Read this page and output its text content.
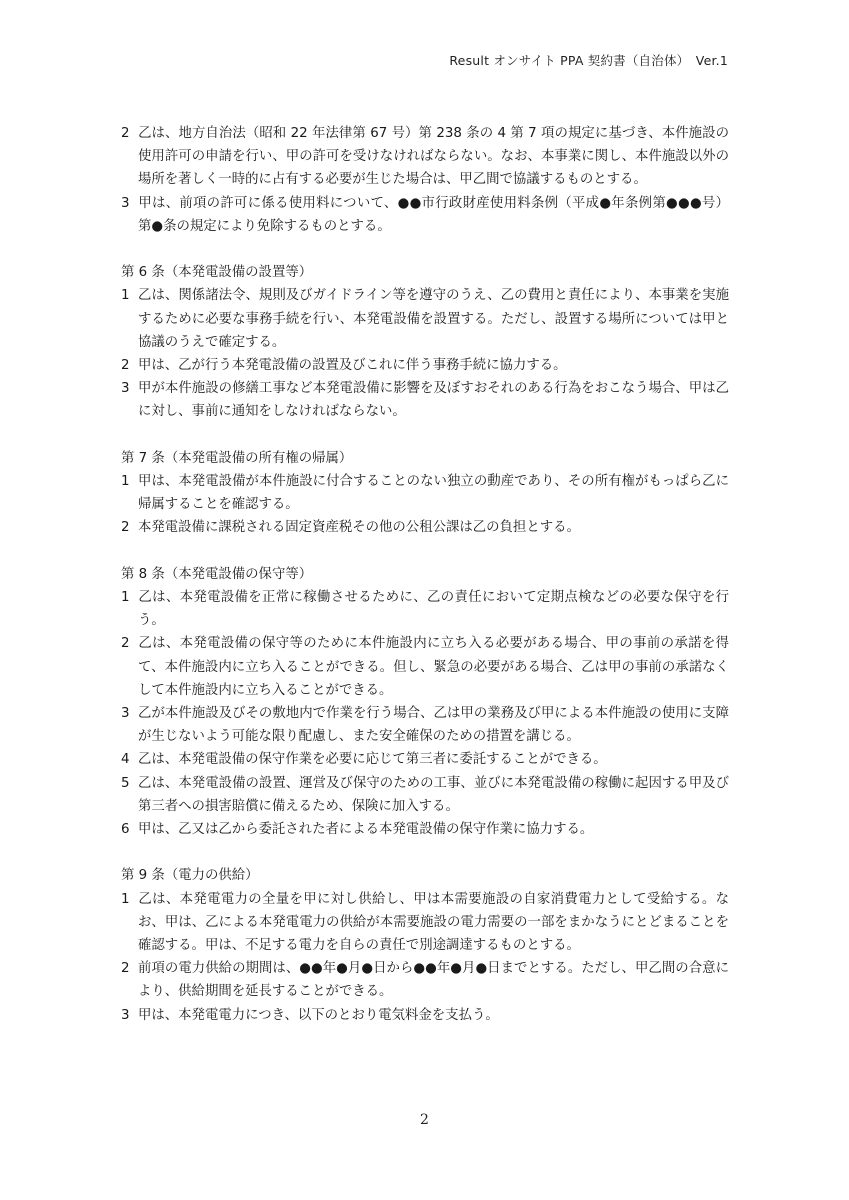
Result オンサイト PPA 契約書（自治体）　Ver.1
2 乙は、地方自治法（昭和 22 年法律第 67 号）第 238 条の 4 第 7 項の規定に基づき、本件施設の使用許可の申請を行い、甲の許可を受けなければならない。なお、本事業に関し、本件施設以外の場所を著しく一時的に占有する必要が生じた場合は、甲乙間で協議するものとする。
3 甲は、前項の許可に係る使用料について、●●市行政財産使用料条例（平成●年条例第●●●号）第●条の規定により免除するものとする。
第 6 条（本発電設備の設置等）
1 乙は、関係諸法令、規則及びガイドライン等を遵守のうえ、乙の費用と責任により、本事業を実施するために必要な事務手続を行い、本発電設備を設置する。ただし、設置する場所については甲と協議のうえで確定する。
2 甲は、乙が行う本発電設備の設置及びこれに伴う事務手続に協力する。
3 甲が本件施設の修繕工事など本発電設備に影響を及ぼすおそれのある行為をおこなう場合、甲は乙に対し、事前に通知をしなければならない。
第 7 条（本発電設備の所有権の帰属）
1 甲は、本発電設備が本件施設に付合することのない独立の動産であり、その所有権がもっぱら乙に帰属することを確認する。
2 本発電設備に課税される固定資産税その他の公租公課は乙の負担とする。
第 8 条（本発電設備の保守等）
1 乙は、本発電設備を正常に稼働させるために、乙の責任において定期点検などの必要な保守を行う。
2 乙は、本発電設備の保守等のために本件施設内に立ち入る必要がある場合、甲の事前の承諾を得て、本件施設内に立ち入ることができる。但し、緊急の必要がある場合、乙は甲の事前の承諾なくして本件施設内に立ち入ることができる。
3 乙が本件施設及びその敷地内で作業を行う場合、乙は甲の業務及び甲による本件施設の使用に支障が生じないよう可能な限り配慮し、また安全確保のための措置を講じる。
4 乙は、本発電設備の保守作業を必要に応じて第三者に委託することができる。
5 乙は、本発電設備の設置、運営及び保守のための工事、並びに本発電設備の稼働に起因する甲及び第三者への損害賠償に備えるため、保険に加入する。
6 甲は、乙又は乙から委託された者による本発電設備の保守作業に協力する。
第 9 条（電力の供給）
1 乙は、本発電電力の全量を甲に対し供給し、甲は本需要施設の自家消費電力として受給する。なお、甲は、乙による本発電電力の供給が本需要施設の電力需要の一部をまかなうにとどまることを確認する。甲は、不足する電力を自らの責任で別途調達するものとする。
2 前項の電力供給の期間は、●●年●月●日から●●年●月●日までとする。ただし、甲乙間の合意により、供給期間を延長することができる。
3 甲は、本発電電力につき、以下のとおり電気料金を支払う。
2
